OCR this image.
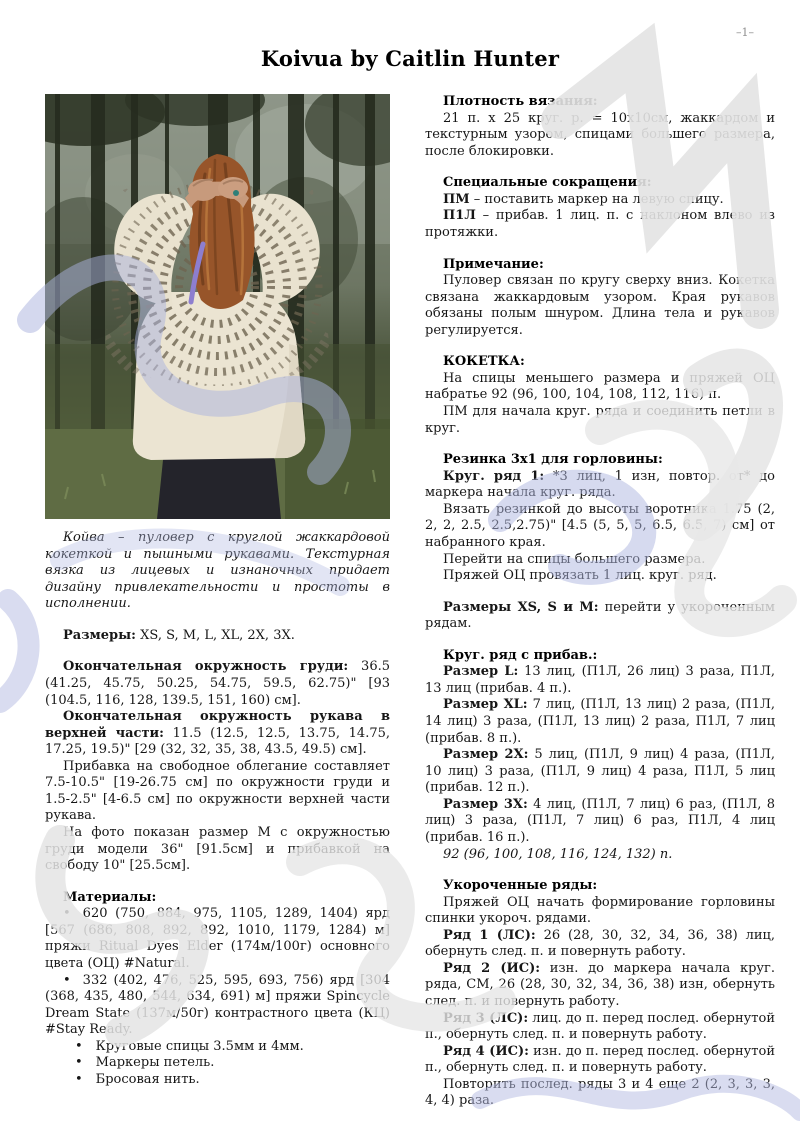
–1–
Koivua by Caitlin Hunter

Койва – пуловер с круглой жаккардовой кокеткой и пышными рукавами. Текстурная вязка из лицевых и изнаночных придает дизайну привлекательности и простоты в исполнении.

Размеры: XS, S, M, L, XL, 2X, 3X.

Окончательная окружность груди: 36.5 (41.25, 45.75, 50.25, 54.75, 59.5, 62.75)" [93 (104.5, 116, 128, 139.5, 151, 160) см].

Окончательная окружность рукава в верхней части: 11.5 (12.5, 12.5, 13.75, 14.75, 17.25, 19.5)" [29 (32, 32, 35, 38, 43.5, 49.5) см].

Прибавка на свободное облегание составляет 7.5-10.5" [19-26.75 см] по окружности груди и 1.5-2.5" [4-6.5 см] по окружности верхней части рукава.

На фото показан размер М с окружностью груди модели 36" [91.5см] и прибавкой на свободу 10" [25.5см].

Материалы:

• 620 (750, 884, 975, 1105, 1289, 1404) ярд [567 (686, 808, 892, 892, 1010, 1179, 1284) м] пряжи Ritual Dyes Elder (174м/100г) основного цвета (ОЦ) #Natural.

• 332 (402, 476, 525, 595, 693, 756) ярд [304 (368, 435, 480, 544, 634, 691) м] пряжи Spincycle Dream State (137м/50г) контрастного цвета (КЦ) #Stay Ready.

• Круговые спицы 3.5мм и 4мм.

• Маркеры петель.

• Бросовая нить.

Плотность вязания:

21 п. х 25 круг. р. = 10х10см, жаккардом и текстурным узором, спицами большего размера, после блокировки.

Специальные сокращения:

ПМ – поставить маркер на левую спицу.

П1Л – прибав. 1 лиц. п. с наклоном влево из протяжки.

Примечание:

Пуловер связан по кругу сверху вниз. Кокетка связана жаккардовым узором. Края рукавов обязаны полым шнуром. Длина тела и рукавов регулируется.

КОКЕТКА:

На спицы меньшего размера и пряжей ОЦ набратье 92 (96, 100, 104, 108, 112, 116) п.

ПМ для начала круг. ряда и соединить петли в круг.

Резинка 3х1 для горловины:

Круг. ряд 1: *3 лиц, 1 изн, повтор. от* до маркера начала круг. ряда.

Вязать резинкой до высоты воротника 1.75 (2, 2, 2, 2.5, 2.5,2.75)" [4.5 (5, 5, 5, 6.5, 6.5, 7) см] от набранного края.

Перейти на спицы большего размера.

Пряжей ОЦ провязать 1 лиц. круг. ряд.

Размеры XS, S и M: перейти у укороченным рядам.

Круг. ряд с прибав.:

Размер L: 13 лиц, (П1Л, 26 лиц) 3 раза, П1Л, 13 лиц (прибав. 4 п.).

Размер XL: 7 лиц, (П1Л, 13 лиц) 2 раза, (П1Л, 14 лиц) 3 раза, (П1Л, 13 лиц) 2 раза, П1Л, 7 лиц (прибав. 8 п.).

Размер 2X: 5 лиц, (П1Л, 9 лиц) 4 раза, (П1Л, 10 лиц) 3 раза, (П1Л, 9 лиц) 4 раза, П1Л, 5 лиц (прибав. 12 п.).

Размер 3X: 4 лиц, (П1Л, 7 лиц) 6 раз, (П1Л, 8 лиц) 3 раза, (П1Л, 7 лиц) 6 раз, П1Л, 4 лиц (прибав. 16 п.).

92 (96, 100, 108, 116, 124, 132) п.

Укороченные ряды:

Пряжей ОЦ начать формирование горловины спинки укороч. рядами.

Ряд 1 (ЛС): 26 (28, 30, 32, 34, 36, 38) лиц, обернуть след. п. и повернуть работу.

Ряд 2 (ИС): изн. до маркера начала круг. ряда, СМ, 26 (28, 30, 32, 34, 36, 38) изн, обернуть след. п. и повернуть работу.

Ряд 3 (ЛС): лиц. до п. перед послед. обернутой п., обернуть след. п. и повернуть работу.

Ряд 4 (ИС): изн. до п. перед послед. обернутой п., обернуть след. п. и повернуть работу.

Повторить послед. ряды 3 и 4 еще 2 (2, 3, 3, 3, 4, 4) раза.
